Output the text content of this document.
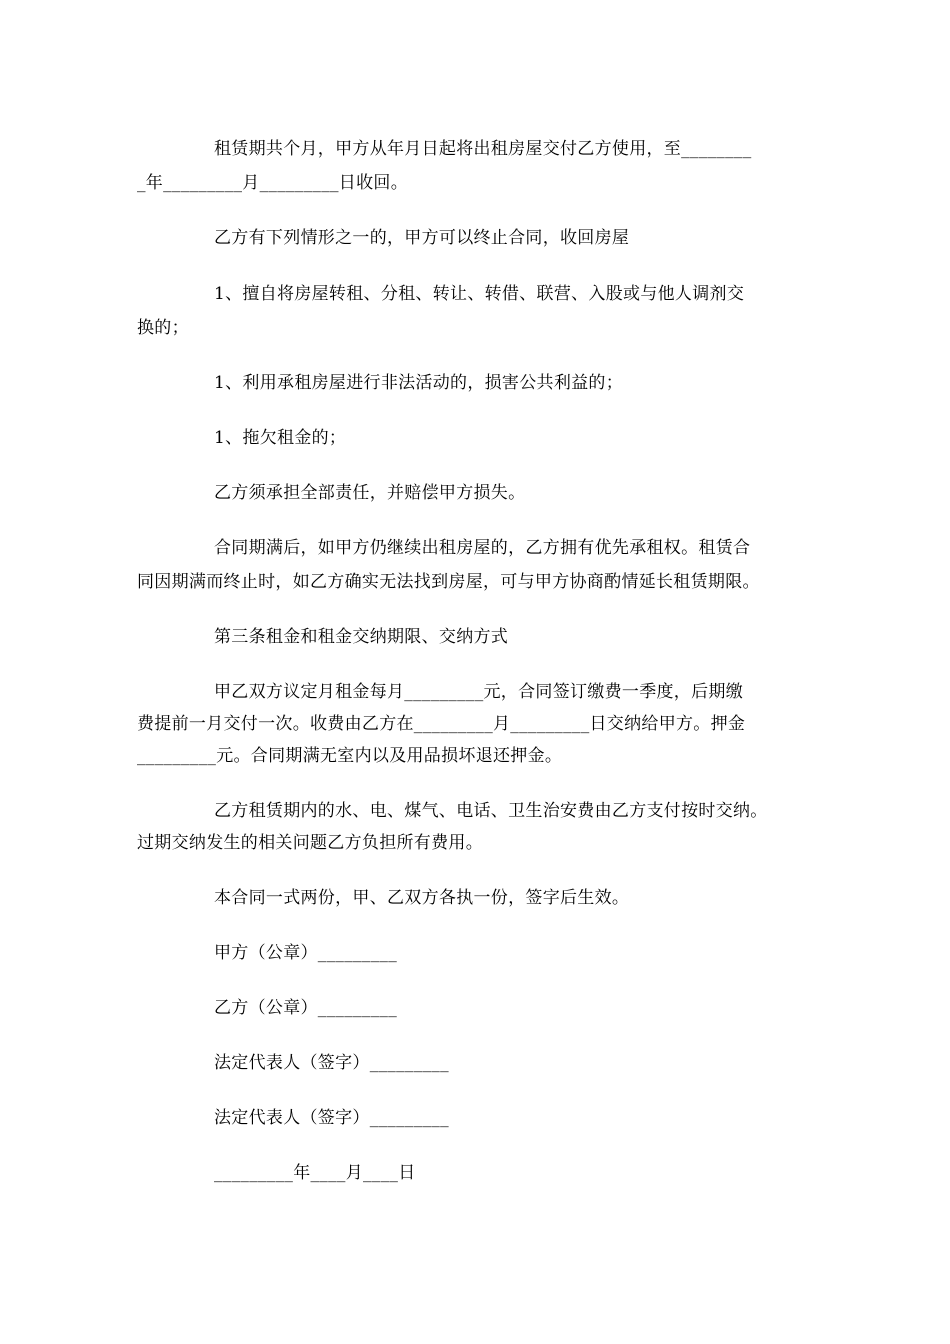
租赁期共个月，甲方从年月日起将出租房屋交付乙方使用，至________
_年_________月_________日收回。
乙方有下列情形之一的，甲方可以终止合同，收回房屋
1、擅自将房屋转租、分租、转让、转借、联营、入股或与他人调剂交
换的；
1、利用承租房屋进行非法活动的，损害公共利益的；
1、拖欠租金的；
乙方须承担全部责任，并赔偿甲方损失。
合同期满后，如甲方仍继续出租房屋的，乙方拥有优先承租权。租赁合
同因期满而终止时，如乙方确实无法找到房屋，可与甲方协商酌情延长租赁期限。
第三条租金和租金交纳期限、交纳方式
甲乙双方议定月租金每月_________元，合同签订缴费一季度，后期缴
费提前一月交付一次。收费由乙方在_________月_________日交纳给甲方。押金
_________元。合同期满无室内以及用品损坏退还押金。
乙方租赁期内的水、电、煤气、电话、卫生治安费由乙方支付按时交纳。
过期交纳发生的相关问题乙方负担所有费用。
本合同一式两份，甲、乙双方各执一份，签字后生效。
甲方（公章）_________
乙方（公章）_________
法定代表人（签字）_________
法定代表人（签字）_________
_________年____月____日
